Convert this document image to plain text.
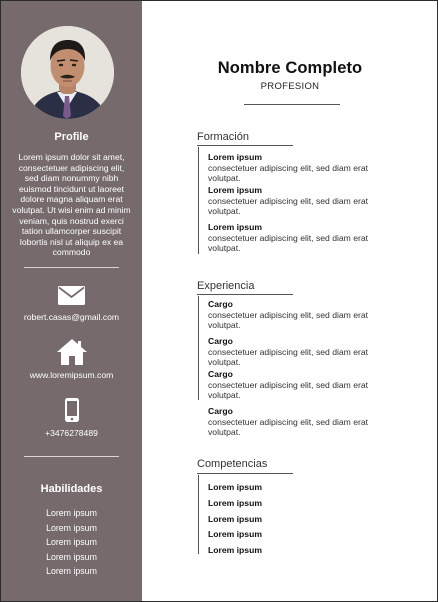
Profile
Lorem ipsum dolor sit amet, consectetuer adipiscing elit, sed diam nonummy nibh euismod tincidunt ut laoreet dolore magna aliquam erat volutpat. Ut wisi enim ad minim veniam, quis nostrud exerci tation ullamcorper suscipit lobortis nisl ut aliquip ex ea commodo
robert.casas@gmail.com
www.loremipsum.com
+3476278489
Habilidades
Lorem ipsum
Lorem ipsum
Lorem ipsum
Lorem ipsum
Lorem ipsum
Nombre Completo
PROFESION
Formación
Lorem ipsum
consectetuer adipiscing elit, sed diam erat volutpat.
Lorem ipsum
consectetuer adipiscing elit, sed diam erat volutpat.
Lorem ipsum
consectetuer adipiscing elit, sed diam erat volutpat.
Experiencia
Cargo
consectetuer adipiscing elit, sed diam erat volutpat.
Cargo
consectetuer adipiscing elit, sed diam erat volutpat.
Cargo
consectetuer adipiscing elit, sed diam erat volutpat.
Cargo
consectetuer adipiscing elit, sed diam erat volutpat.
Competencias
Lorem ipsum
Lorem ipsum
Lorem ipsum
Lorem ipsum
Lorem ipsum
